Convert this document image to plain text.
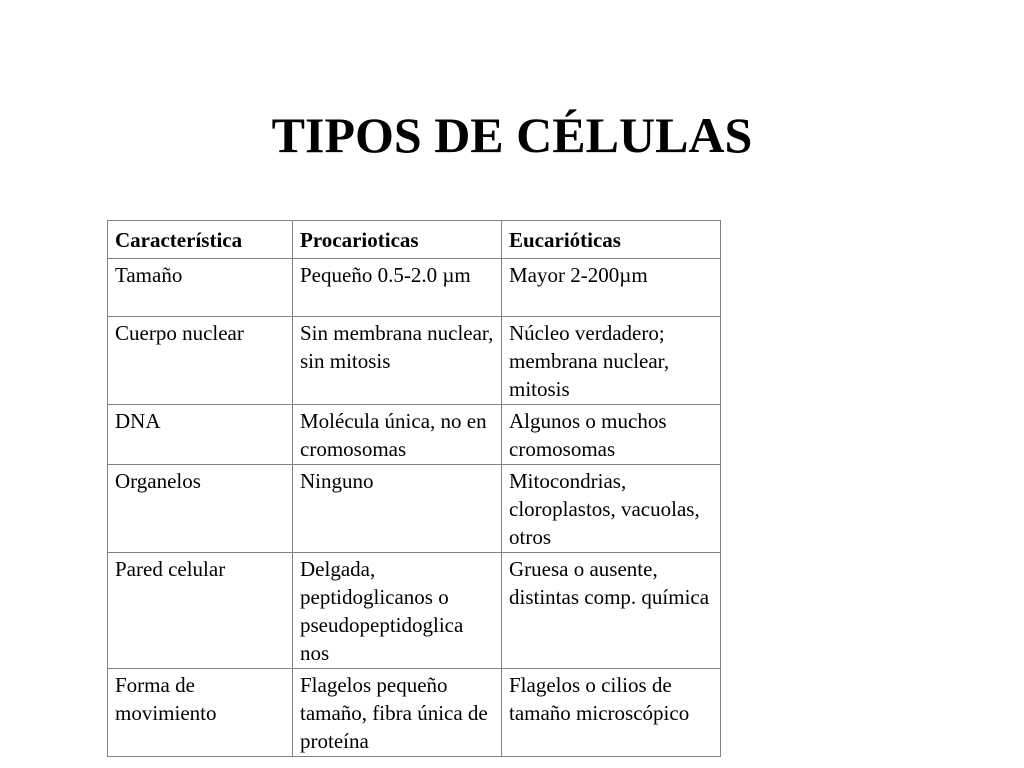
TIPOS DE CÉLULAS
Característica	Procarioticas	Eucarióticas
Tamaño	Pequeño 0.5-2.0 µm	Mayor 2-200µm
Cuerpo nuclear	Sin membrana nuclear, sin mitosis	Núcleo verdadero; membrana nuclear, mitosis
DNA	Molécula única, no en cromosomas	Algunos o muchos cromosomas
Organelos	Ninguno	Mitocondrias, cloroplastos, vacuolas, otros
Pared celular	Delgada, peptidoglicanos o pseudopeptidoglica nos	Gruesa o ausente, distintas comp. química
Forma de movimiento	Flagelos pequeño tamaño, fibra única de proteína	Flagelos o cilios de tamaño microscópico
